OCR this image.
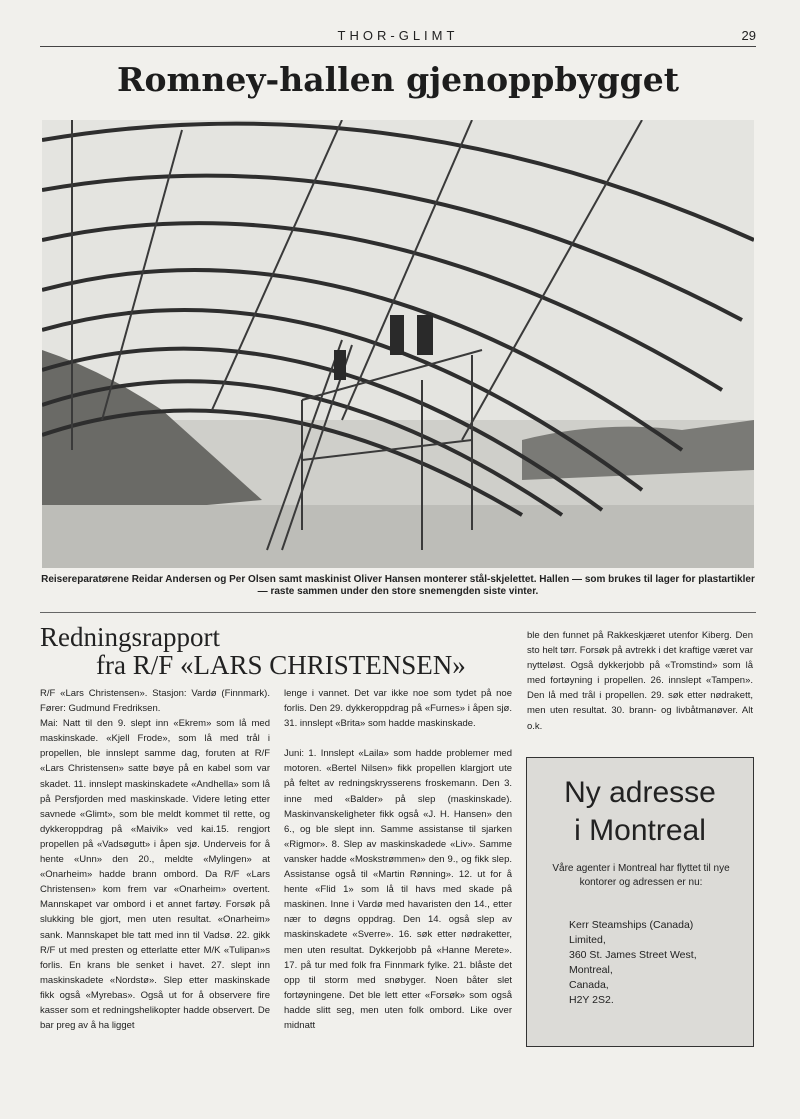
THOR-GLIMT	29
Romney-hallen gjenoppbygget
Reisereparatørene Reidar Andersen og Per Olsen samt maskinist Oliver Hansen monterer stål-skjelettet. Hallen — som brukes til lager for plastartikler — raste sammen under den store snemengden siste vinter.
Redningsrapport
fra R/F «LARS CHRISTENSEN»

R/F «Lars Christensen». Stasjon: Vardø (Finnmark). Fører: Gudmund Fredriksen.

Mai: Natt til den 9. slept inn «Ekrem» som lå med maskinskade. «Kjell Frode», som lå med trål i propellen, ble innslept samme dag, foruten at R/F «Lars Christensen» satte bøye på en kabel som var skadet. 11. innslept maskinskadete «Andhella» som lå på Persfjorden med maskinskade. Videre leting etter savnede «Glimt», som ble meldt kommet til rette, og dykkeroppdrag på «Maivik» ved kai.15. rengjort propellen på «Vadsøgutt» i åpen sjø. Underveis for å hente «Unn» den 20., meldte «Mylingen» at «Onarheim» hadde brann ombord. Da R/F «Lars Christensen» kom frem var «Onarheim» overtent. Mannskapet var ombord i et annet fartøy. Forsøk på slukking ble gjort, men uten resultat. «Onarheim» sank. Mannskapet ble tatt med inn til Vadsø. 22. gikk R/F ut med presten og etterlatte etter M/K «Tulipan»s forlis. En krans ble senket i havet. 27. slept inn maskinskadete «Nordstø». Slep etter maskinskade fikk også «Myrebas». Også ut for å observere fire kasser som et redningshelikopter hadde observert. De bar preg av å ha ligget

lenge i vannet. Det var ikke noe som tydet på noe forlis. Den 29. dykkeroppdrag på «Furnes» i åpen sjø. 31. innslept «Brita» som hadde maskinskade.

Juni: 1. Innslept «Laila» som hadde problemer med motoren. «Bertel Nilsen» fikk propellen klargjort ute på feltet av redningskrysserens froskemann. Den 3. inne med «Balder» på slep (maskinskade). Maskinvanskeligheter fikk også «J. H. Hansen» den 6., og ble slept inn. Samme assistanse til sjarken «Rigmor». 8. Slep av maskinskadede «Liv». Samme vansker hadde «Moskstrømmen» den 9., og fikk slep. Assistanse også til «Martin Rønning». 12. ut for å hente «Flid 1» som lå til havs med skade på maskinen. Inne i Vardø med havaristen den 14., etter nær to døgns oppdrag. Den 14. også slep av maskinskadete «Sverre». 16. søk etter nødraketter, men uten resultat. Dykkerjobb på «Hanne Merete». 17. på tur med folk fra Finnmark fylke. 21. blåste det opp til storm med snøbyger. Noen båter slet fortøyningene. Det ble lett etter «Forsøk» som også hadde slitt seg, men uten folk ombord. Like over midnatt

ble den funnet på Rakkeskjæret utenfor Kiberg. Den sto helt tørr. Forsøk på avtrekk i det kraftige været var nytteløst. Også dykkerjobb på «Tromstind» som lå med fortøyning i propellen. 26. innslept «Tampen». Den lå med trål i propellen. 29. søk etter nødrakett, men uten resultat. 30. brann- og livbåtmanøver. Alt o.k.

Ny adresse
i Montreal
Våre agenter i Montreal har flyttet til nye kontorer og adressen er nu:
Kerr Steamships (Canada)
Limited,
360 St. James Street West,
Montreal,
Canada,
H2Y 2S2.
